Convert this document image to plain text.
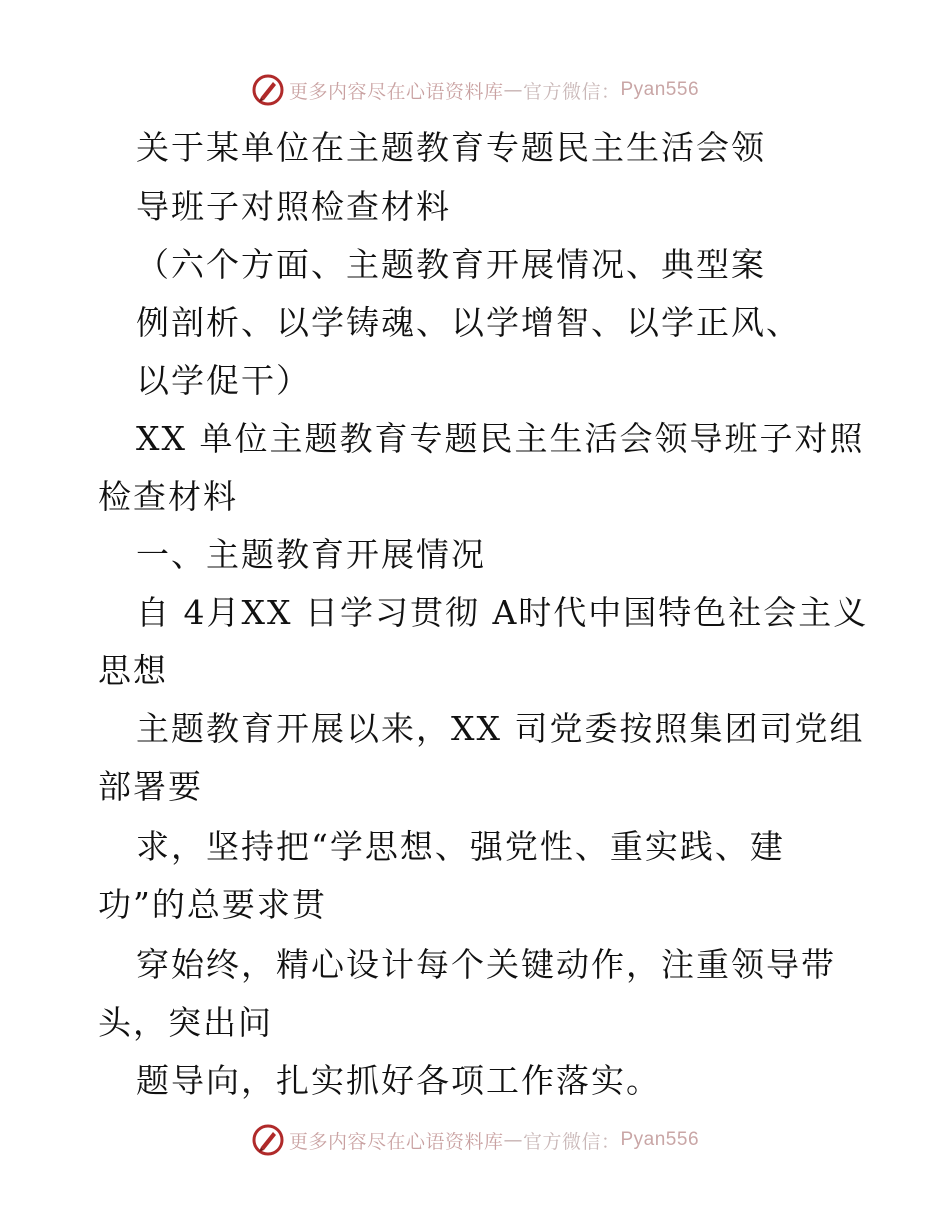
更多内容尽在心语资料库 — 官方微信： Pyan556
关于某单位在主题教育专题民主生活会领
导班子对照检查材料
（六个方面、主题教育开展情况、典型案
例剖析、以学铸魂、以学增智、以学正风、
以学促干）
XX 单位主题教育专题民主生活会领导班子对照
检查材料
一、主题教育开展情况
自 4月XX 日学习贯彻 A时代中国特色社会主义
思想
主题教育开展以来，XX 司党委按照集团司党组
部署要
求，坚持把“学思想、强党性、重实践、建
功”的总要求贯
穿始终，精心设计每个关键动作，注重领导带
头，突出问
题导向，扎实抓好各项工作落实。
更多内容尽在心语资料库 — 官方微信： Pyan556
